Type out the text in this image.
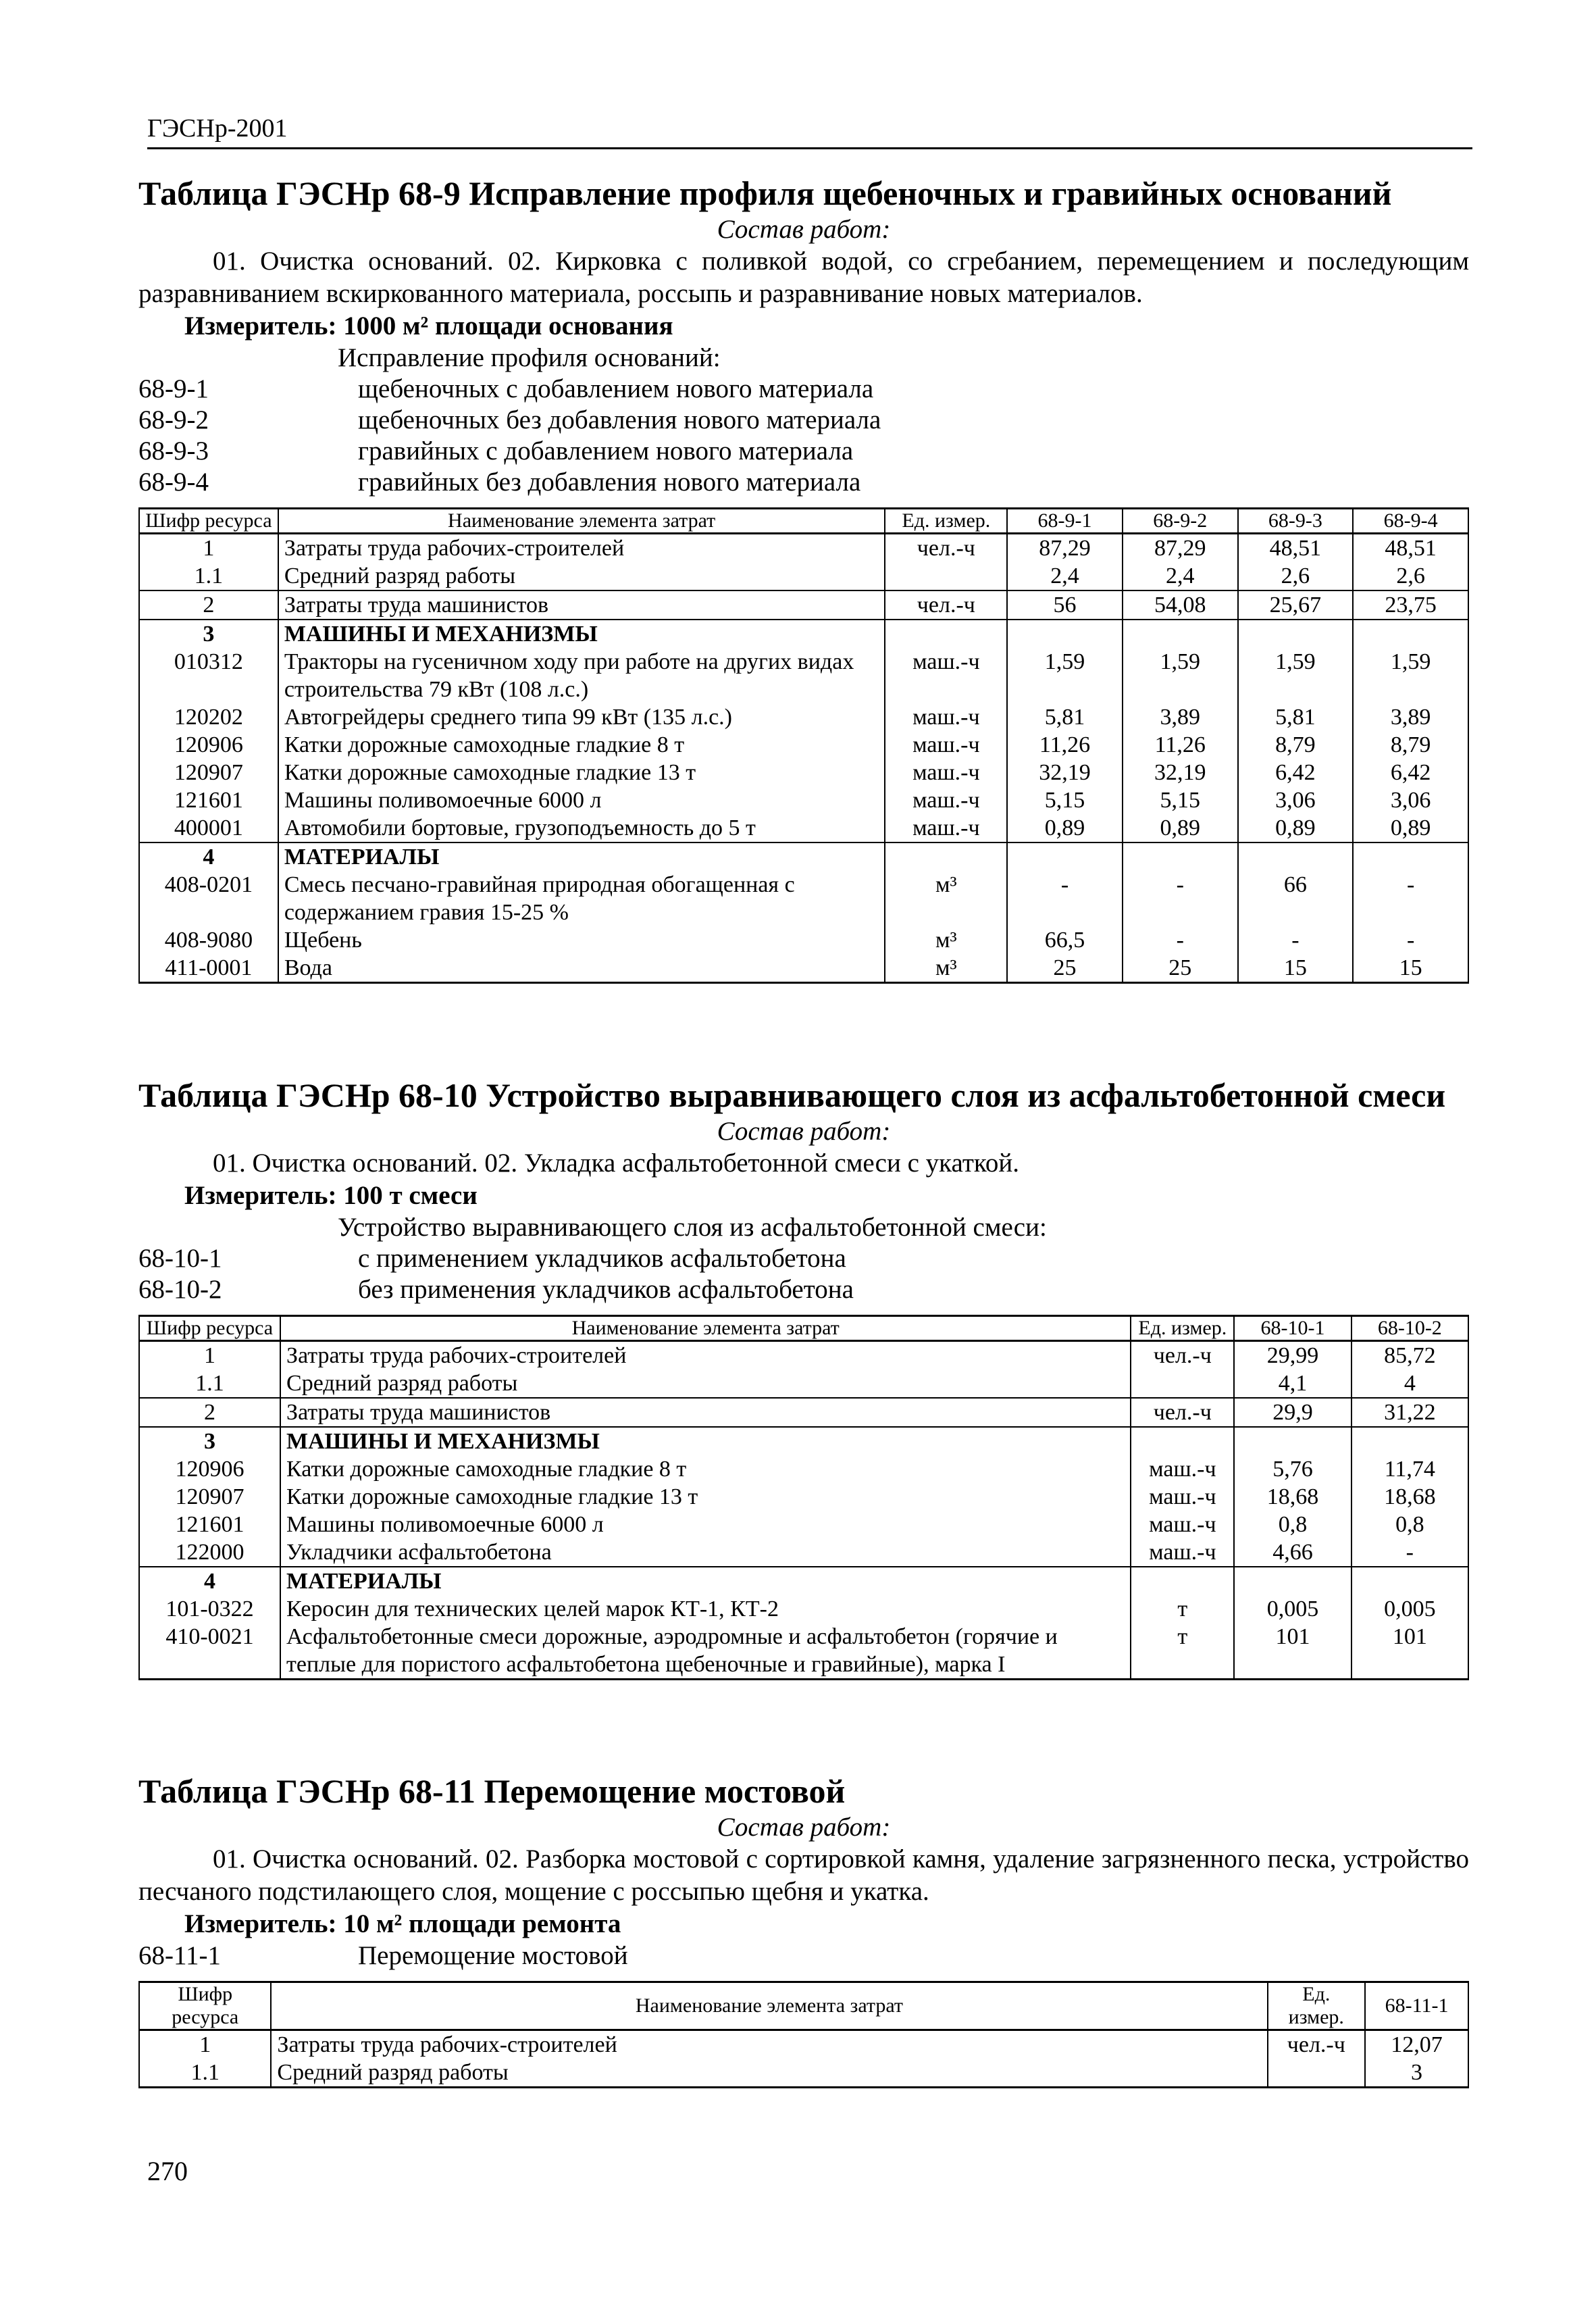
ГЭСНр-2001
Таблица ГЭСНр 68-9 Исправление профиля щебеночных и гравийных оснований
Состав работ:
01. Очистка оснований. 02. Кирковка с поливкой водой, со сгребанием, перемещением и последующим разравниванием вскиркованного материала, россыпь и разравнивание новых материалов.
Измеритель: 1000 м² площади основания
Исправление профиля оснований:
68-9-1	щебеночных с добавлением нового материала
68-9-2	щебеночных без добавления нового материала
68-9-3	гравийных с добавлением нового материала
68-9-4	гравийных без добавления нового материала
Шифр ресурса	Наименование элемента затрат	Ед. измер.	68-9-1	68-9-2	68-9-3	68-9-4
1	Затраты труда рабочих-строителей	чел.-ч	87,29	87,29	48,51	48,51
1.1	Средний разряд работы		2,4	2,4	2,6	2,6
2	Затраты труда машинистов	чел.-ч	56	54,08	25,67	23,75
3	МАШИНЫ И МЕХАНИЗМЫ					
010312	Тракторы на гусеничном ходу при работе на других видах строительства 79 кВт (108 л.с.)	маш.-ч	1,59	1,59	1,59	1,59
120202	Автогрейдеры среднего типа 99 кВт (135 л.с.)	маш.-ч	5,81	3,89	5,81	3,89
120906	Катки дорожные самоходные гладкие 8 т	маш.-ч	11,26	11,26	8,79	8,79
120907	Катки дорожные самоходные гладкие 13 т	маш.-ч	32,19	32,19	6,42	6,42
121601	Машины поливомоечные 6000 л	маш.-ч	5,15	5,15	3,06	3,06
400001	Автомобили бортовые, грузоподъемность до 5 т	маш.-ч	0,89	0,89	0,89	0,89
4	МАТЕРИАЛЫ					
408-0201	Смесь песчано-гравийная природная обогащенная с содержанием гравия 15-25 %	м³	-	-	66	-
408-9080	Щебень	м³	66,5	-	-	-
411-0001	Вода	м³	25	25	15	15
Таблица ГЭСНр 68-10 Устройство выравнивающего слоя из асфальтобетонной смеси
Состав работ:
01. Очистка оснований. 02. Укладка асфальтобетонной смеси с укаткой.
Измеритель: 100 т смеси
Устройство выравнивающего слоя из асфальтобетонной смеси:
68-10-1	с применением укладчиков асфальтобетона
68-10-2	без применения укладчиков асфальтобетона
Шифр ресурса	Наименование элемента затрат	Ед. измер.	68-10-1	68-10-2
1	Затраты труда рабочих-строителей	чел.-ч	29,99	85,72
1.1	Средний разряд работы		4,1	4
2	Затраты труда машинистов	чел.-ч	29,9	31,22
3	МАШИНЫ И МЕХАНИЗМЫ			
120906	Катки дорожные самоходные гладкие 8 т	маш.-ч	5,76	11,74
120907	Катки дорожные самоходные гладкие 13 т	маш.-ч	18,68	18,68
121601	Машины поливомоечные 6000 л	маш.-ч	0,8	0,8
122000	Укладчики асфальтобетона	маш.-ч	4,66	-
4	МАТЕРИАЛЫ			
101-0322	Керосин для технических целей марок КТ-1, КТ-2	т	0,005	0,005
410-0021	Асфальтобетонные смеси дорожные, аэродромные и асфальтобетон (горячие и теплые для пористого асфальтобетона щебеночные и гравийные), марка I	т	101	101
Таблица ГЭСНр 68-11 Перемощение мостовой
Состав работ:
01. Очистка оснований. 02. Разборка мостовой с сортировкой камня, удаление загрязненного песка, устройство песчаного подстилающего слоя, мощение с россыпью щебня и укатка.
Измеритель: 10 м² площади ремонта
68-11-1	Перемощение мостовой
Шифр ресурса	Наименование элемента затрат	Ед. измер.	68-11-1
1	Затраты труда рабочих-строителей	чел.-ч	12,07
1.1	Средний разряд работы		3
270
